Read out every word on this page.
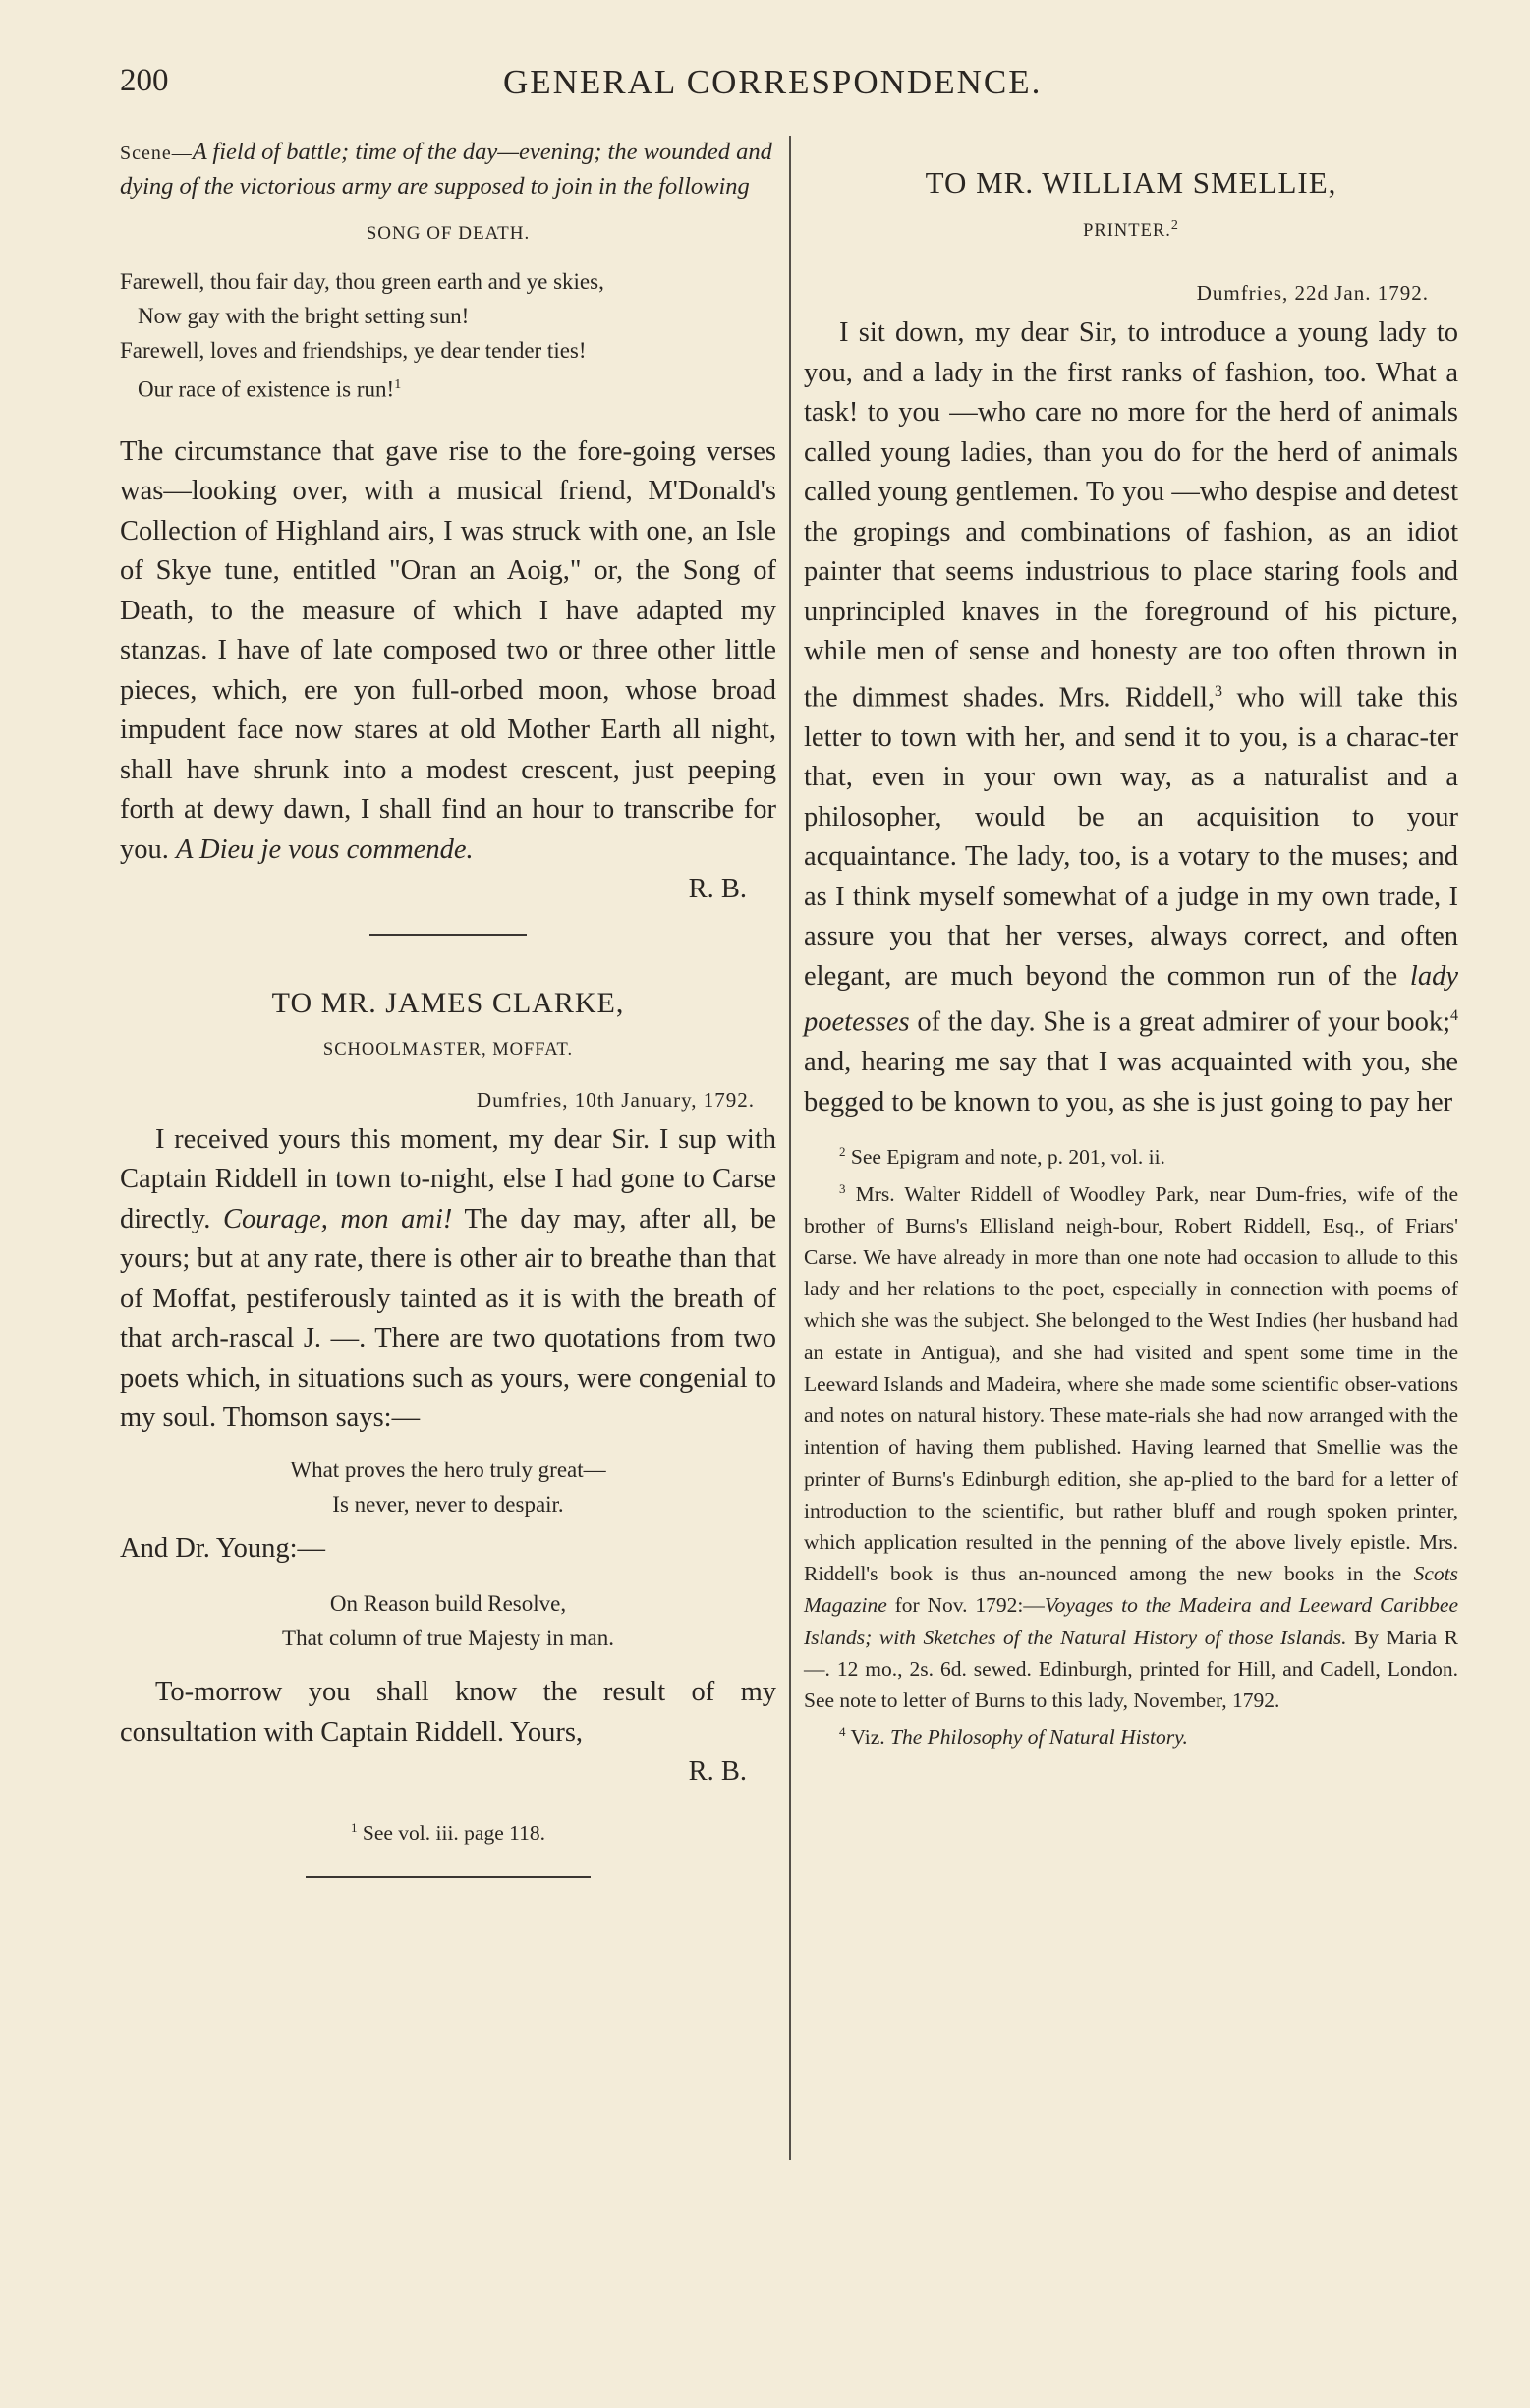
200	GENERAL CORRESPONDENCE.

Scene—A field of battle; time of the day—evening; the wounded and dying of the victorious army are supposed to join in the following

SONG OF DEATH.
Farewell, thou fair day, thou green earth and ye skies,
Now gay with the bright setting sun!
Farewell, loves and friendships, ye dear tender ties!
Our race of existence is run!$^1$

The circumstance that gave rise to the fore-going verses was—looking over, with a musical friend, M'Donald's Collection of Highland airs, I was struck with one, an Isle of Skye tune, entitled "Oran an Aoig," or, the Song of Death, to the measure of which I have adapted my stanzas. I have of late composed two or three other little pieces, which, ere yon full-orbed moon, whose broad impudent face now stares at old Mother Earth all night, shall have shrunk into a modest crescent, just peeping forth at dewy dawn, I shall find an hour to transcribe for you. A Dieu je vous commende.

R. B.
TO MR. JAMES CLARKE,
SCHOOLMASTER, MOFFAT.
Dumfries, 10th January, 1792.

I received yours this moment, my dear Sir. I sup with Captain Riddell in town to-night, else I had gone to Carse directly. Courage, mon ami! The day may, after all, be yours; but at any rate, there is other air to breathe than that of Moffat, pestiferously tainted as it is with the breath of that arch-rascal J. —. There are two quotations from two poets which, in situations such as yours, were congenial to my soul. Thomson says:—

What proves the hero truly great—
Is never, never to despair.

And Dr. Young:—

On Reason build Resolve,
That column of true Majesty in man.

To-morrow you shall know the result of my consultation with Captain Riddell. Yours,

R. B.
$^1$ See vol. iii. page 118.
TO MR. WILLIAM SMELLIE,
PRINTER.$^2$
Dumfries, 22d Jan. 1792.

I sit down, my dear Sir, to introduce a young lady to you, and a lady in the first ranks of fashion, too. What a task! to you —who care no more for the herd of animals called young ladies, than you do for the herd of animals called young gentlemen. To you —who despise and detest the gropings and combinations of fashion, as an idiot painter that seems industrious to place staring fools and unprincipled knaves in the foreground of his picture, while men of sense and honesty are too often thrown in the dimmest shades. Mrs. Riddell,$^3$ who will take this letter to town with her, and send it to you, is a charac-ter that, even in your own way, as a naturalist and a philosopher, would be an acquisition to your acquaintance. The lady, too, is a votary to the muses; and as I think myself somewhat of a judge in my own trade, I assure you that her verses, always correct, and often elegant, are much beyond the common run of the lady poetesses of the day. She is a great admirer of your book;$^4$ and, hearing me say that I was acquainted with you, she begged to be known to you, as she is just going to pay her

$^2$ See Epigram and note, p. 201, vol. ii.

$^3$ Mrs. Walter Riddell of Woodley Park, near Dum-fries, wife of the brother of Burns's Ellisland neigh-bour, Robert Riddell, Esq., of Friars' Carse. We have already in more than one note had occasion to allude to this lady and her relations to the poet, especially in connection with poems of which she was the subject. She belonged to the West Indies (her husband had an estate in Antigua), and she had visited and spent some time in the Leeward Islands and Madeira, where she made some scientific obser-vations and notes on natural history. These mate-rials she had now arranged with the intention of having them published. Having learned that Smellie was the printer of Burns's Edinburgh edition, she ap-plied to the bard for a letter of introduction to the scientific, but rather bluff and rough spoken printer, which application resulted in the penning of the above lively epistle. Mrs. Riddell's book is thus an-nounced among the new books in the Scots Magazine for Nov. 1792:—Voyages to the Madeira and Leeward Caribbee Islands; with Sketches of the Natural History of those Islands. By Maria R—. 12 mo., 2s. 6d. sewed. Edinburgh, printed for Hill, and Cadell, London. See note to letter of Burns to this lady, November, 1792.

$^4$ Viz. The Philosophy of Natural History.
